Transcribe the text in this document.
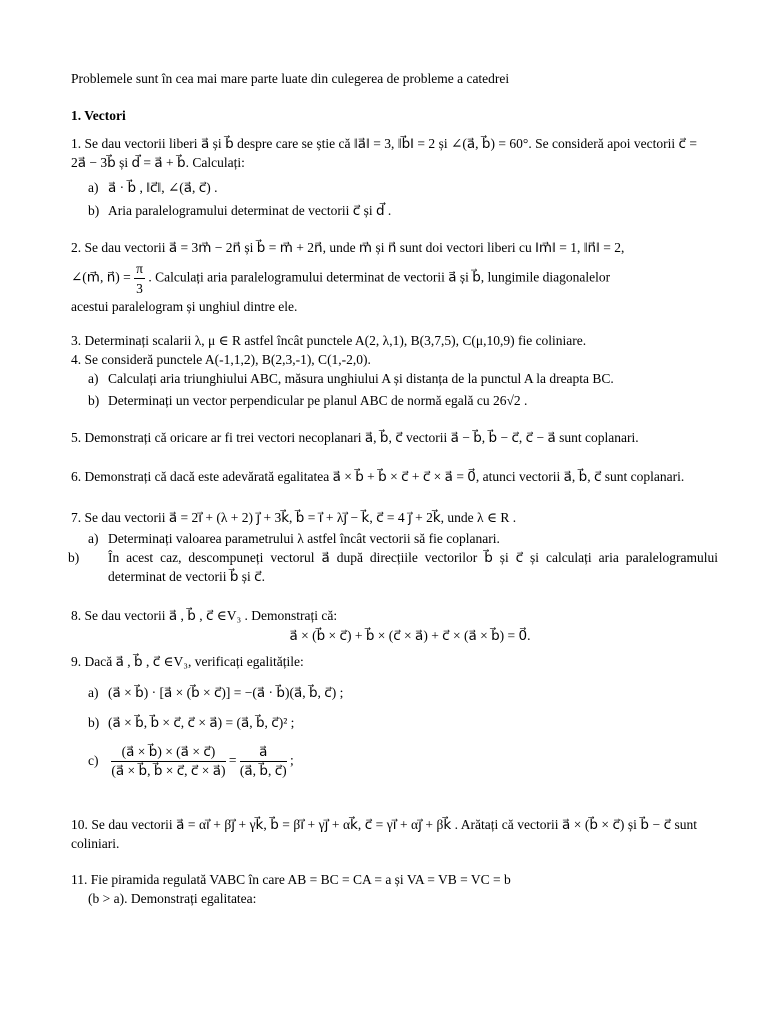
Problemele sunt în cea mai mare parte luate din culegerea de probleme a catedrei

1. Vectori

1. Se dau vectorii liberi a⃗ și b⃗ despre care se știe că ‖a⃗‖ = 3, ‖b⃗‖ = 2 și ∠(a⃗, b⃗) = 60°. Se consideră apoi vectorii c⃗ = 2a⃗ − 3b⃗ și d⃗ = a⃗ + b⃗. Calculați:

a) a⃗ · b⃗ , ‖c⃗‖, ∠(a⃗, c⃗) .
b) Aria paralelogramului determinat de vectorii c⃗ și d⃗ .

2. Se dau vectorii a⃗ = 3m⃗ − 2n⃗ și b⃗ = m⃗ + 2n⃗, unde m⃗ și n⃗ sunt doi vectori liberi cu ‖m⃗‖ = 1, ‖n⃗‖ = 2,

∠(m⃗, n⃗) = $\frac{\pi}{3}$ . Calculați aria paralelogramului determinat de vectorii a⃗ și b⃗, lungimile diagonalelor

acestui paralelogram și unghiul dintre ele.

3. Determinați scalarii λ, μ ∈ R astfel încât punctele A(2, λ,1), B(3,7,5), C(μ,10,9) fie coliniare.

4. Se consideră punctele A(-1,1,2), B(2,3,-1), C(1,-2,0).

a) Calculați aria triunghiului ABC, măsura unghiului A și distanța de la punctul A la dreapta BC.
b) Determinați un vector perpendicular pe planul ABC de normă egală cu 26√2 .

5. Demonstrați că oricare ar fi trei vectori necoplanari a⃗, b⃗, c⃗ vectorii a⃗ − b⃗, b⃗ − c⃗, c⃗ − a⃗ sunt coplanari.

6. Demonstrați că dacă este adevărată egalitatea a⃗ × b⃗ + b⃗ × c⃗ + c⃗ × a⃗ = 0⃗, atunci vectorii a⃗, b⃗, c⃗ sunt coplanari.

7. Se dau vectorii a⃗ = 2i⃗ + (λ + 2) j⃗ + 3k⃗, b⃗ = i⃗ + λj⃗ − k⃗, c⃗ = 4 j⃗ + 2k⃗, unde λ ∈ R .

a) Determinați valoarea parametrului λ astfel încât vectorii să fie coplanari.
b) În acest caz, descompuneți vectorul a⃗ după direcțiile vectorilor b⃗ și c⃗ și calculați aria paralelogramului determinat de vectorii b⃗ și c⃗.

8. Se dau vectorii a⃗ , b⃗ , c⃗ ∈V₃ . Demonstrați că:

a⃗ × (b⃗ × c⃗) + b⃗ × (c⃗ × a⃗) + c⃗ × (a⃗ × b⃗) = 0⃗.

9. Dacă a⃗ , b⃗ , c⃗ ∈V₃, verificați egalitățile:

a) (a⃗ × b⃗) · [a⃗ × (b⃗ × c⃗)] = −(a⃗ · b⃗)(a⃗, b⃗, c⃗) ;
b) (a⃗ × b⃗, b⃗ × c⃗, c⃗ × a⃗) = (a⃗, b⃗, c⃗)² ;
$c) \frac{(a⃗ \times b⃗) \times (a⃗ \times c⃗)}{(a⃗ \times b⃗, b⃗ \times c⃗, c⃗ \times a⃗)} = \frac{a⃗}{(a⃗, b⃗, c⃗)}$ ;

10. Se dau vectorii a⃗ = αi⃗ + βj⃗ + γk⃗, b⃗ = βi⃗ + γj⃗ + αk⃗, c⃗ = γi⃗ + αj⃗ + βk⃗ . Arătați că vectorii a⃗ × (b⃗ × c⃗) și b⃗ − c⃗ sunt coliniari.

11. Fie piramida regulată VABC în care AB = BC = CA = a și VA = VB = VC = b

(b > a). Demonstrați egalitatea:
